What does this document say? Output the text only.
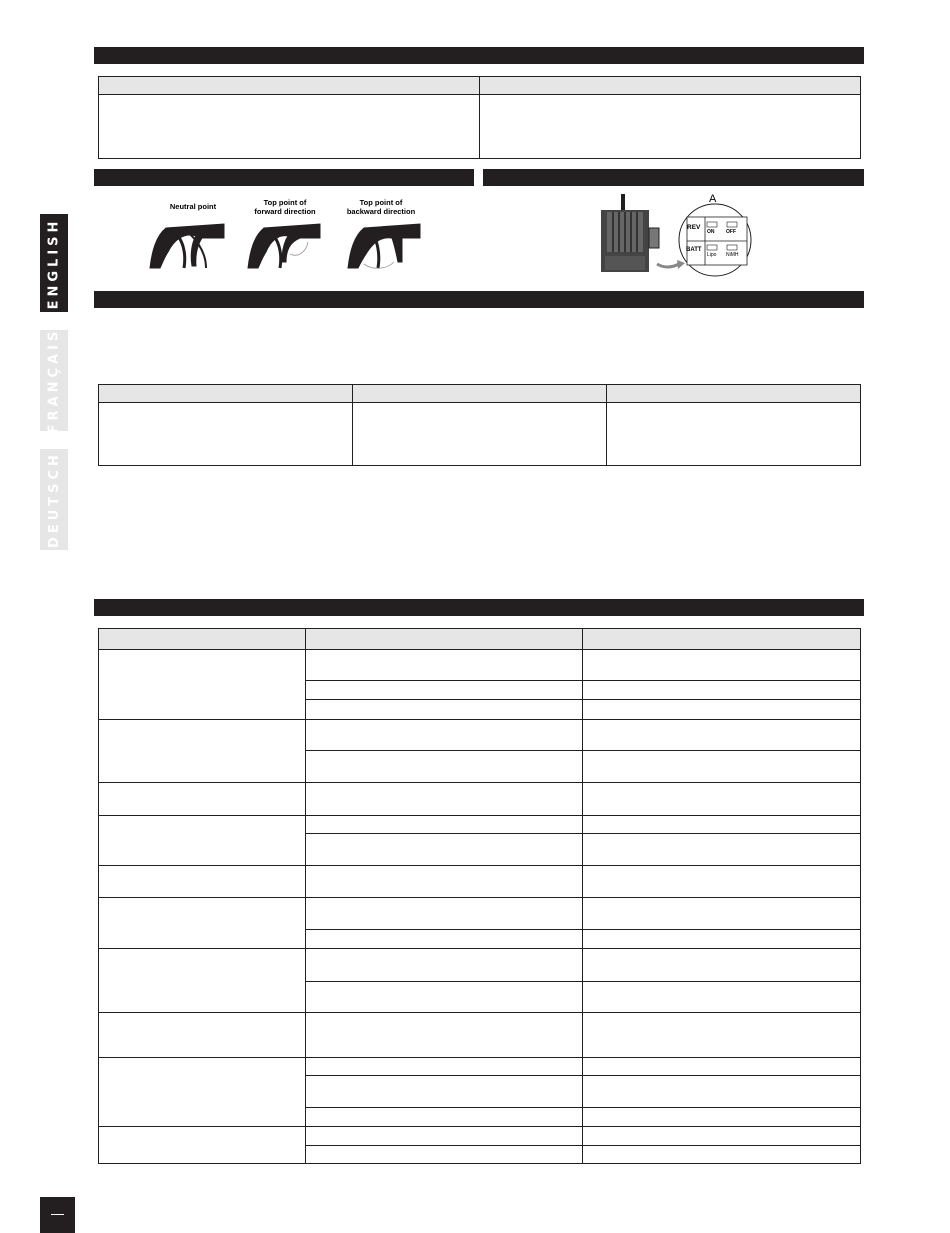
ENGLISH
FRANÇAIS
DEUTSCH

Neutral point	Top point of
forward direction
Top point of
backward direction
A
REV
BATT
ON OFF
Lipo NiMH
